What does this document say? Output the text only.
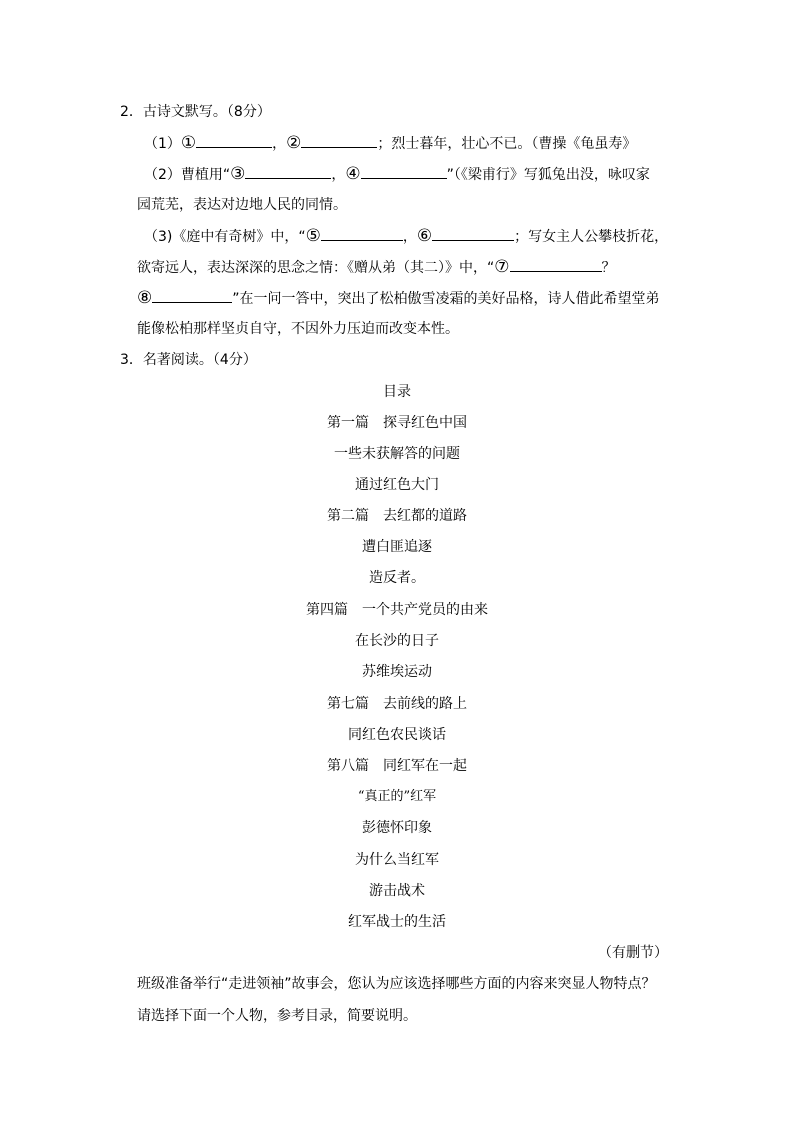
2．古诗文默写。（8分）
（1）①	，②	；烈士暮年，壮心不已。（曹操《龟虽寿》
（2）曹植用“③	，④	”（《梁甫行》写狐兔出没，咏叹家
园荒芜，表达对边地人民的同情。
（3)《庭中有奇树》中，“⑤	，⑥	；写女主人公攀枝折花，
欲寄远人，表达深深的思念之情：《赠从弟（其二）》中，“⑦	？
⑧	”在一问一答中，突出了松柏傲雪凌霜的美好品格，诗人借此希望堂弟
能像松柏那样坚贞自守，不因外力压迫而改变本性。
3．名著阅读。（4分）
目录
第一篇　探寻红色中国
一些未获解答的问题
通过红色大门
第二篇　去红都的道路
遭白匪追逐
造反者。
第四篇　一个共产党员的由来
在长沙的日子
苏维埃运动
第七篇　去前线的路上
同红色农民谈话
第八篇　同红军在一起
“真正的”红军
彭德怀印象
为什么当红军
游击战术
红军战士的生活
（有删节）
班级准备举行“走进领袖”故事会，您认为应该选择哪些方面的内容来突显人物特点？
请选择下面一个人物，参考目录，简要说明。
